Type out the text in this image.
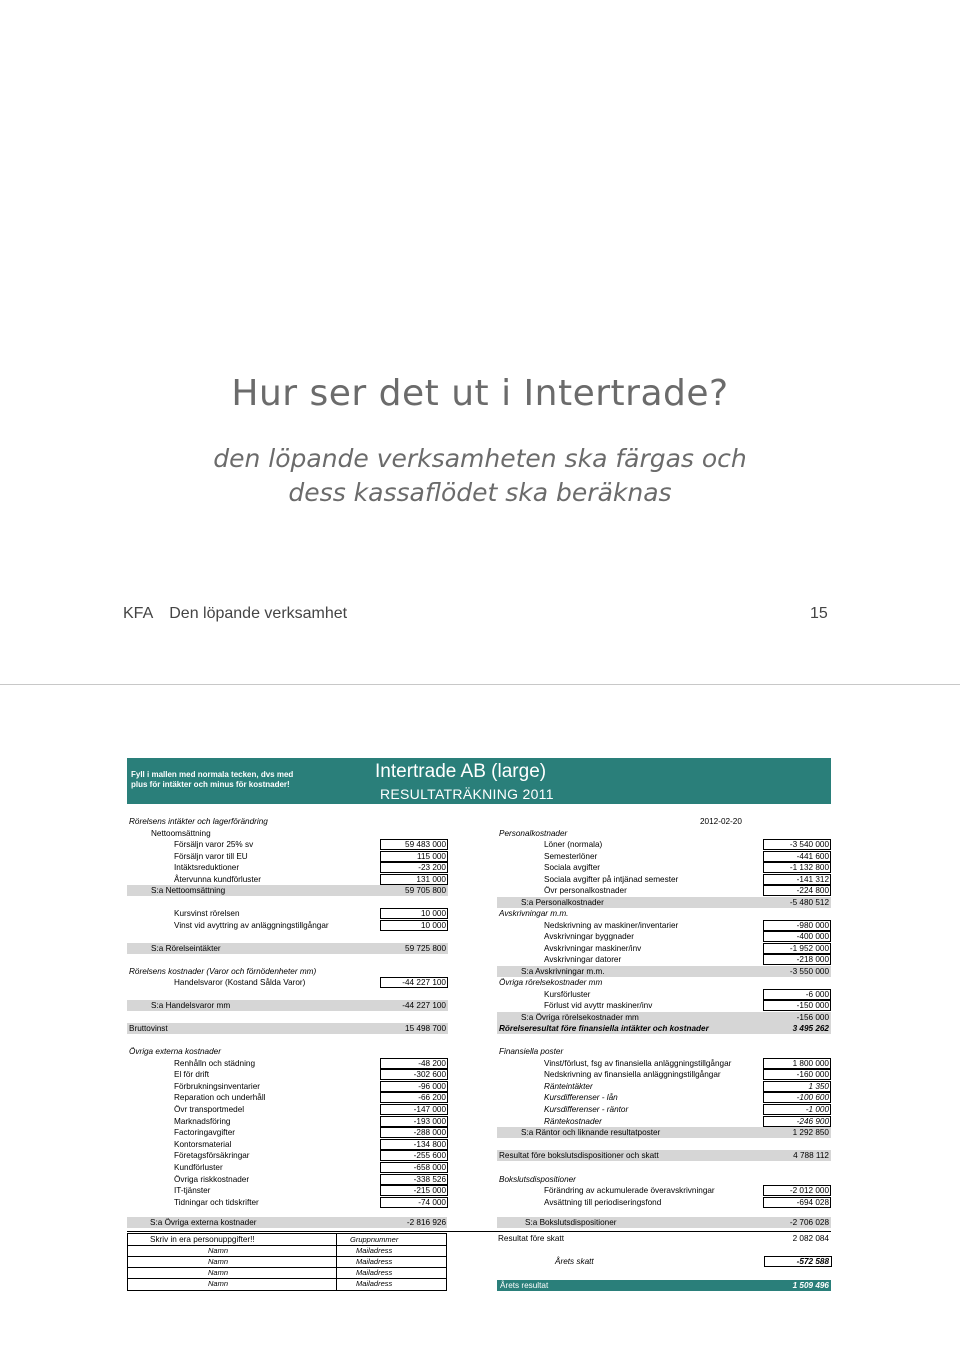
Hur ser det ut i Intertrade?
den löpande verksamheten ska färgas och
dess kassaflödet ska beräknas
KFA Den löpande verksamhet	15
Fyll i mallen med normala tecken, dvs med
plus för intäkter och minus för kostnader!
Intertrade AB (large)
RESULTATRÄKNING 2011
2012-02-20
Rörelsens intäkter och lagerförändring
Nettoomsättning
Försäljn varor 25% sv	59 483 000
Försäljn varor till EU	115 000
Intäktsreduktioner	-23 200
Återvunna kundförluster	131 000
S:a Nettoomsättning	59 705 800
Kursvinst rörelsen	10 000
Vinst vid avyttring av anläggningstillgångar	10 000
S:a Rörelseintäkter	59 725 800
Rörelsens kostnader (Varor och förnödenheter mm)
Handelsvaror (Kostand Sålda Varor)	-44 227 100
S:a Handelsvaror mm	-44 227 100
Bruttovinst	15 498 700
Personalkostnader
Löner (normala)	-3 540 000
Semesterlöner	-441 600
Sociala avgifter	-1 132 800
Sociala avgifter på intjänad semester	-141 312
Övr personalkostnader	-224 800
S:a Personalkostnader	-5 480 512
Avskrivningar m.m.
Nedskrivning av maskiner/inventarier	-980 000
Avskrivningar byggnader	-400 000
Avskrivningar maskiner/inv	-1 952 000
Avskrivningar datorer	-218 000
S:a Avskrivningar m.m.	-3 550 000
Övriga rörelsekostnader mm
Kursförluster	-6 000
Förlust vid avyttr maskiner/inv	-150 000
S:a Övriga rörelsekostnader mm	-156 000
Rörelseresultat före finansiella intäkter och kostnader	3 495 262
Övriga externa kostnader
Renhålln och städning	-48 200
El för drift	-302 600
Förbrukningsinventarier	-96 000
Reparation och underhåll	-66 200
Övr transportmedel	-147 000
Marknadsföring	-193 000
Factoringavgifter	-288 000
Kontorsmaterial	-134 800
Företagsförsäkringar	-255 600
Kundförluster	-658 000
Övriga riskkostnader	-338 526
IT-tjänster	-215 000
Tidningar och tidskrifter	-74 000
Finansiella poster
Vinst/förlust, fsg av finansiella anläggningstillgångar	1 800 000
Nedskrivning av finansiella anläggningstillgångar	-160 000
Ränteintäkter	1 350
Kursdifferenser - lån	-100 600
Kursdifferenser - räntor	-1 000
Räntekostnader	-246 900
S:a Räntor och liknande resultatposter	1 292 850
Resultat före bokslutsdispositioner och skatt	4 788 112
Bokslutsdispositioner
Förändring av ackumulerade överavskrivningar	-2 012 000
Avsättning till periodiseringsfond	-694 028
S:a Övriga externa kostnader	-2 816 926	S:a Bokslutsdispositioner	-2 706 028
Skriv in era personuppgifter!!	Gruppnummer
Namn	Mailadress
Namn	Mailadress
Namn	Mailadress
Namn	Mailadress
Resultat före skatt	2 082 084
Årets skatt	-572 588
Årets resultat	1 509 496
